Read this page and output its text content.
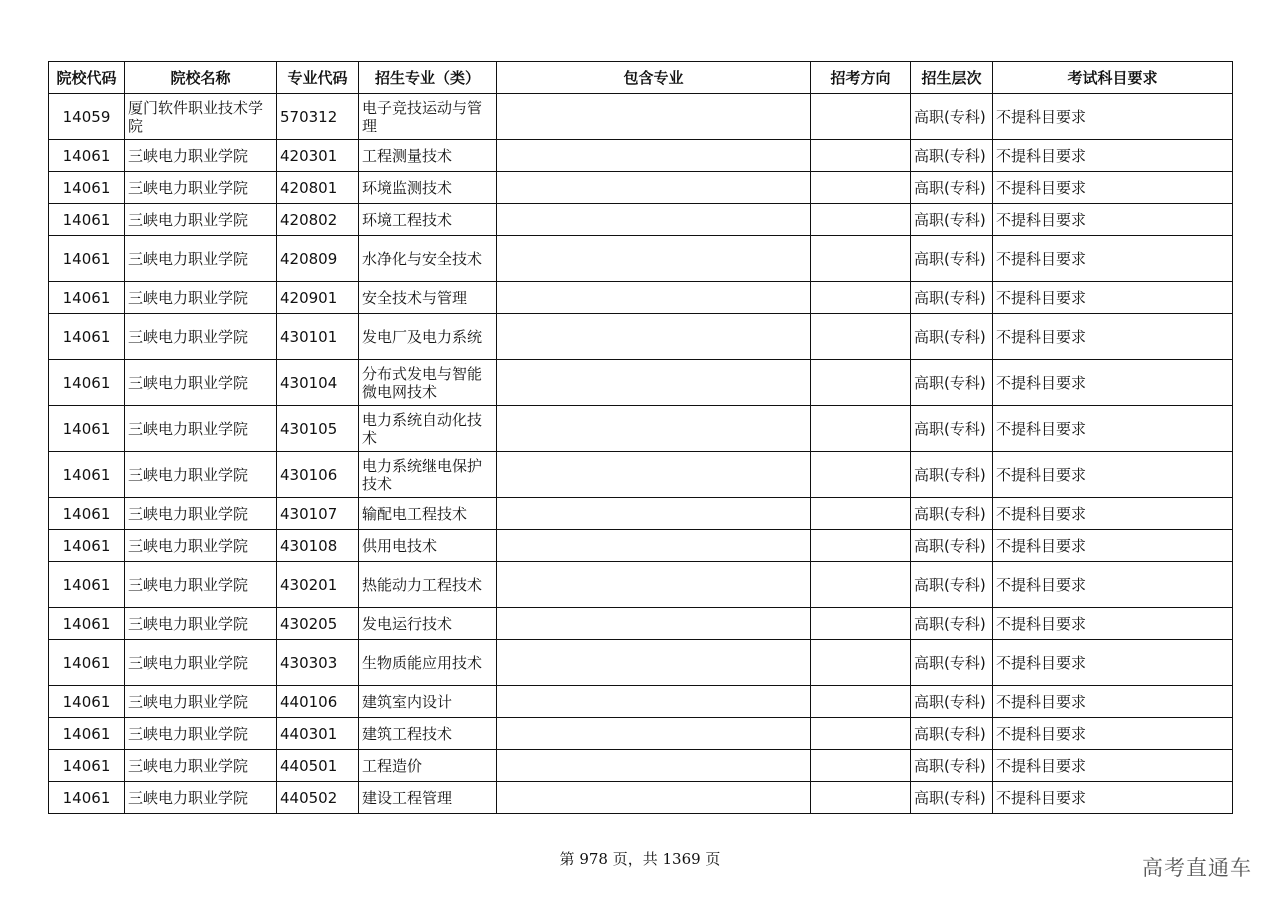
院校代码	院校名称	专业代码	招生专业（类）	包含专业	招考方向	招生层次	考试科目要求
14059	厦门软件职业技术学院	570312	电子竞技运动与管理			高职(专科)	不提科目要求
14061	三峡电力职业学院	420301	工程测量技术			高职(专科)	不提科目要求
14061	三峡电力职业学院	420801	环境监测技术			高职(专科)	不提科目要求
14061	三峡电力职业学院	420802	环境工程技术			高职(专科)	不提科目要求
14061	三峡电力职业学院	420809	水净化与安全技术			高职(专科)	不提科目要求
14061	三峡电力职业学院	420901	安全技术与管理			高职(专科)	不提科目要求
14061	三峡电力职业学院	430101	发电厂及电力系统			高职(专科)	不提科目要求
14061	三峡电力职业学院	430104	分布式发电与智能微电网技术			高职(专科)	不提科目要求
14061	三峡电力职业学院	430105	电力系统自动化技术			高职(专科)	不提科目要求
14061	三峡电力职业学院	430106	电力系统继电保护技术			高职(专科)	不提科目要求
14061	三峡电力职业学院	430107	输配电工程技术			高职(专科)	不提科目要求
14061	三峡电力职业学院	430108	供用电技术			高职(专科)	不提科目要求
14061	三峡电力职业学院	430201	热能动力工程技术			高职(专科)	不提科目要求
14061	三峡电力职业学院	430205	发电运行技术			高职(专科)	不提科目要求
14061	三峡电力职业学院	430303	生物质能应用技术			高职(专科)	不提科目要求
14061	三峡电力职业学院	440106	建筑室内设计			高职(专科)	不提科目要求
14061	三峡电力职业学院	440301	建筑工程技术			高职(专科)	不提科目要求
14061	三峡电力职业学院	440501	工程造价			高职(专科)	不提科目要求
14061	三峡电力职业学院	440502	建设工程管理			高职(专科)	不提科目要求
第 978 页，共 1369 页	高考直通车
